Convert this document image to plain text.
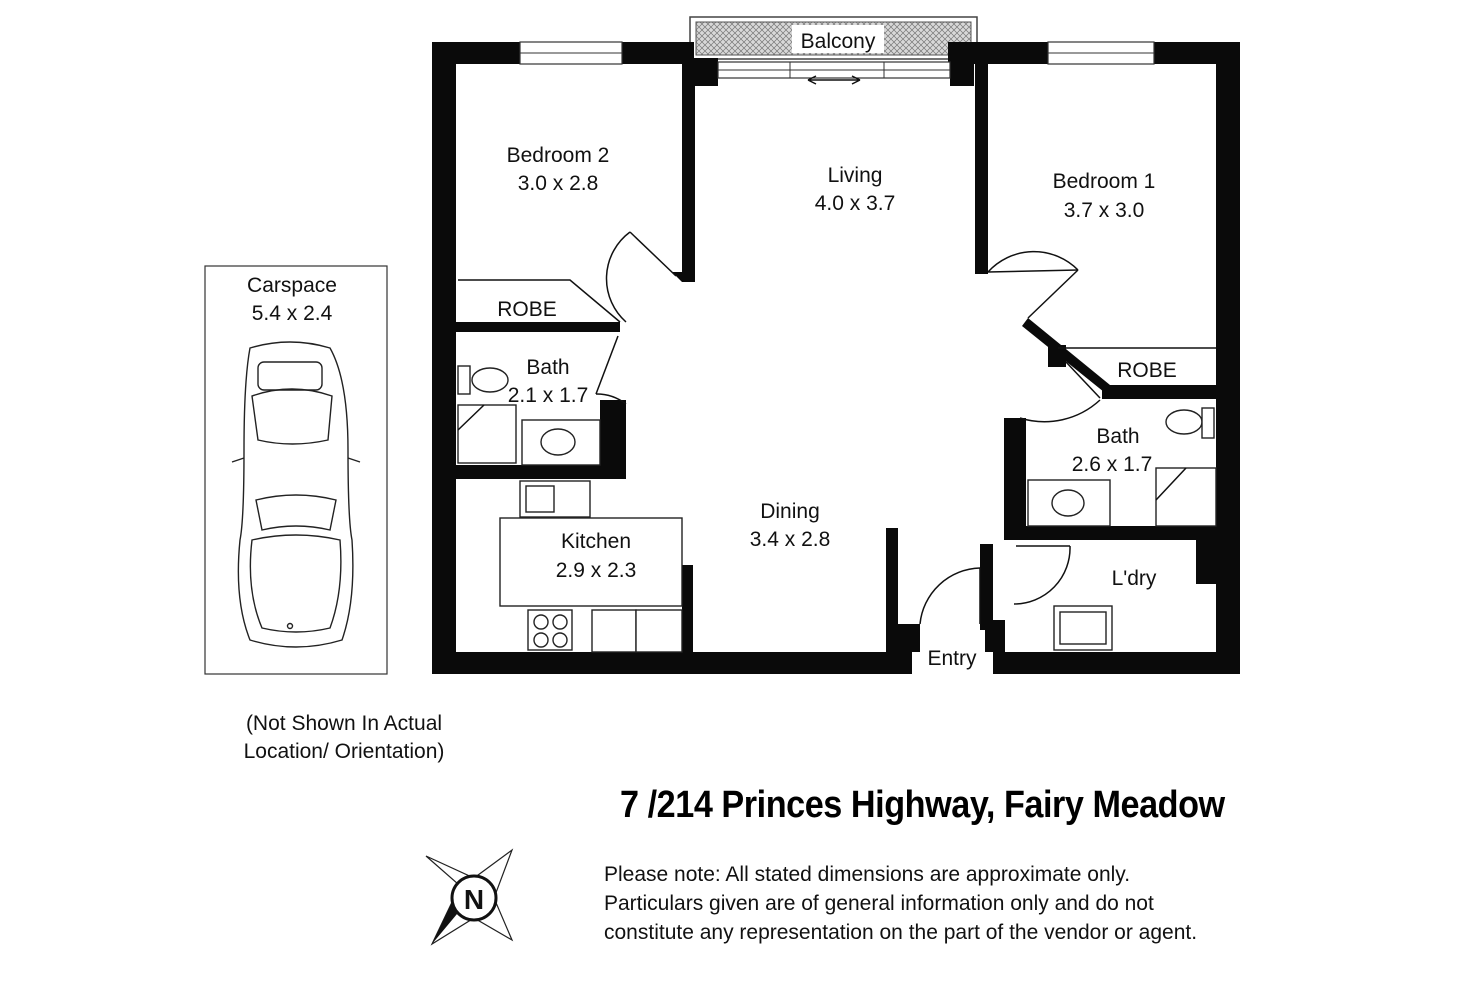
Balcony
Carspace
5.4 x 2.4
Bedroom 2
3.0 x 2.8
ROBE
Bath
2.1 x 1.7
Living
4.0 x 3.7
Bedroom 1
3.7 x 3.0
ROBE
Bath
2.6 x 1.7
Dining
3.4 x 2.8
Kitchen
2.9 x 2.3	L'dry
Entry
N
(Not Shown In Actual
Location/ Orientation)
7 /214 Princes Highway, Fairy Meadow
Please note: All stated dimensions are approximate only.
Particulars given are of general information only and do not
constitute any representation on the part of the vendor or agent.
